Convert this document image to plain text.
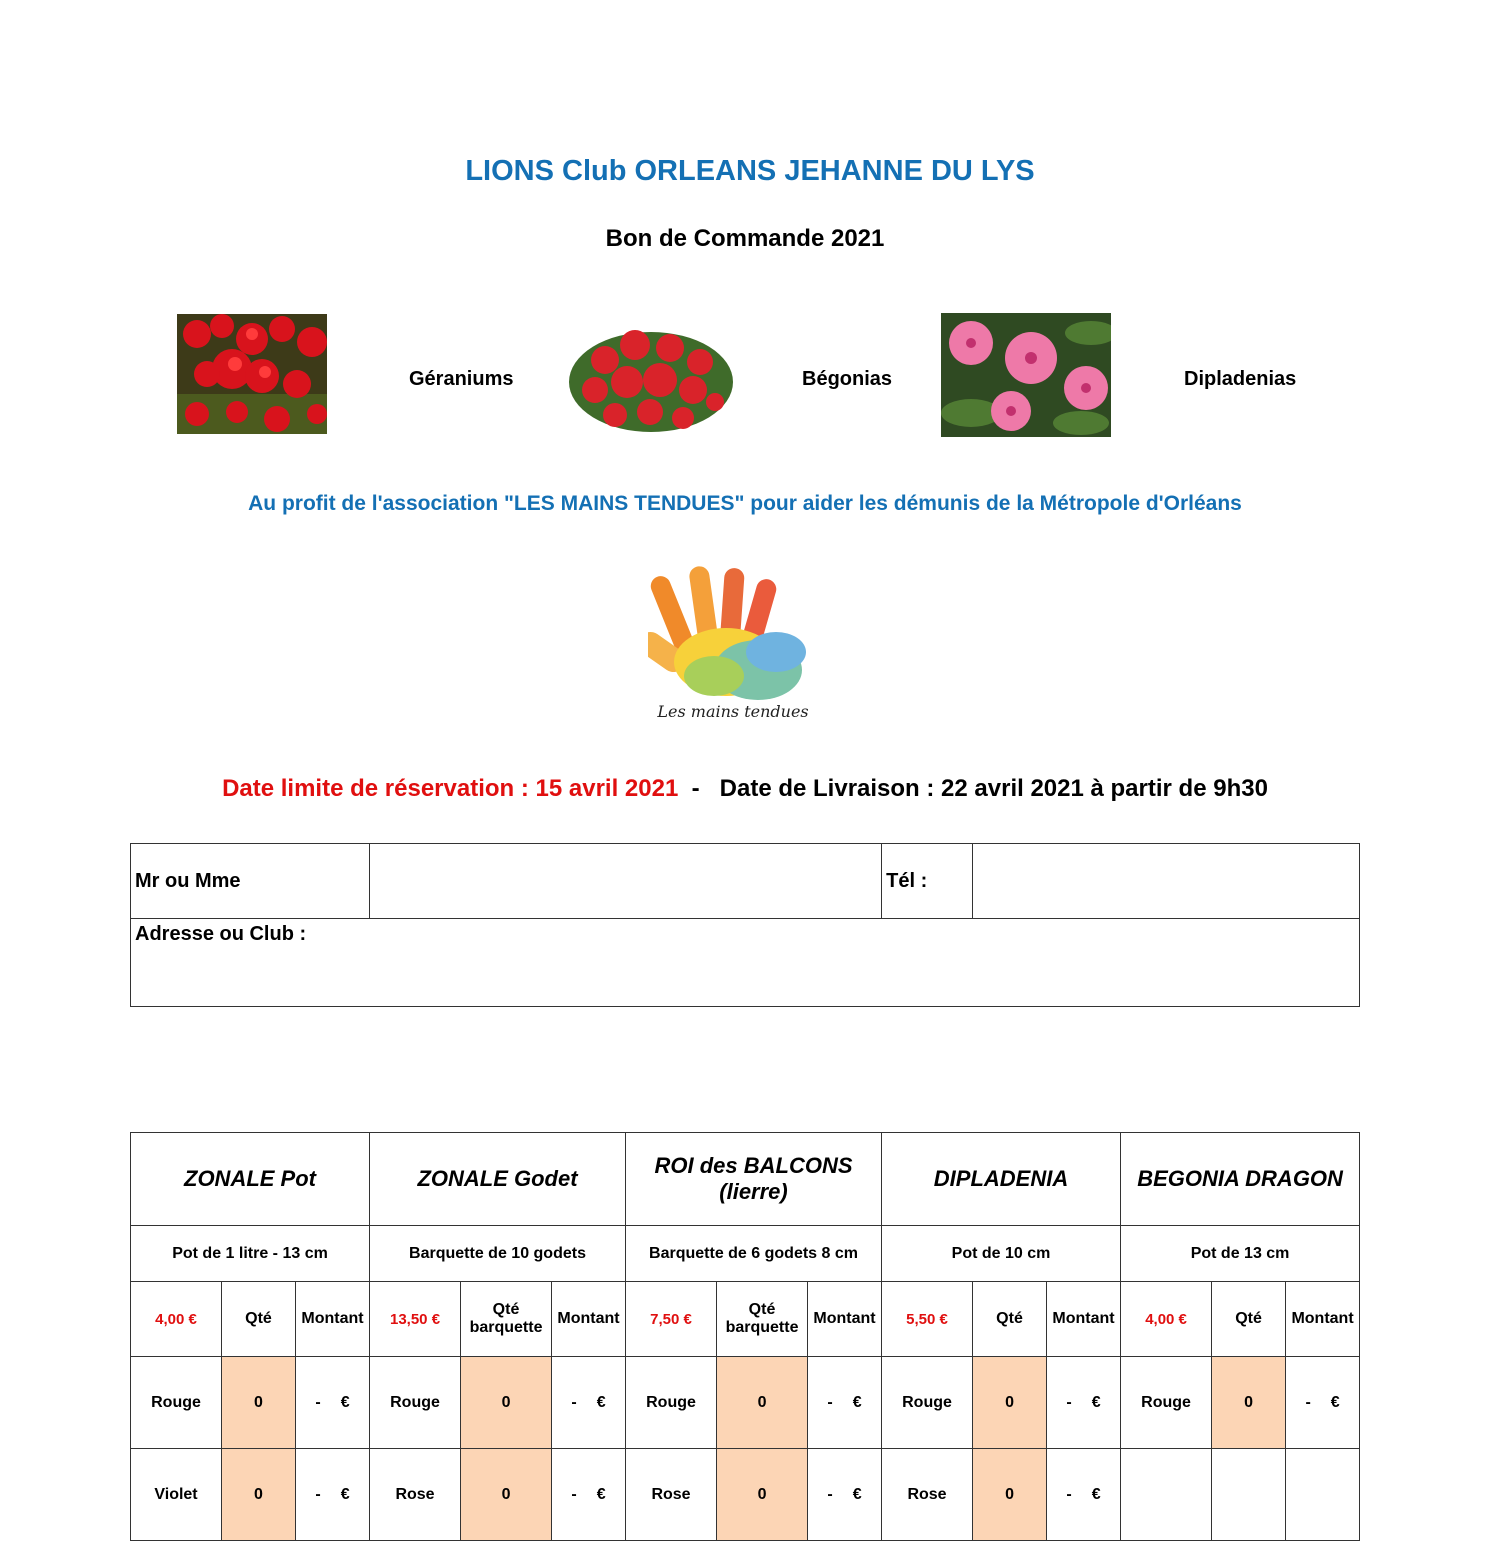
LIONS Club ORLEANS JEHANNE DU LYS
Bon de Commande 2021
Géraniums	Bégonias	Dipladenias
Au profit de l'association "LES MAINS TENDUES" pour aider les démunis de la Métropole d'Orléans
Les mains tendues
Date limite de réservation : 15 avril 2021 - Date de Livraison : 22 avril 2021 à partir de 9h30
Mr ou Mme		Tél :	
Adresse ou Club :
ZONALE Pot			ZONALE Godet			ROI des BALCONS (lierre)			DIPLADENIA			BEGONIA DRAGON		
Pot de 1 litre - 13 cm			Barquette de 10 godets			Barquette de 6 godets 8 cm			Pot de 10 cm			Pot de 13 cm		
4,00 €	Qté	Montant	13,50 €	Qté barquette	Montant	7,50 €	Qté barquette	Montant	5,50 €	Qté	Montant	4,00 €	Qté	Montant
Rouge	0	- €	Rouge	0	- €	Rouge	0	- €	Rouge	0	- €	Rouge	0	- €
Violet	0	- €	Rose	0	- €	Rose	0	- €	Rose	0	- €			
